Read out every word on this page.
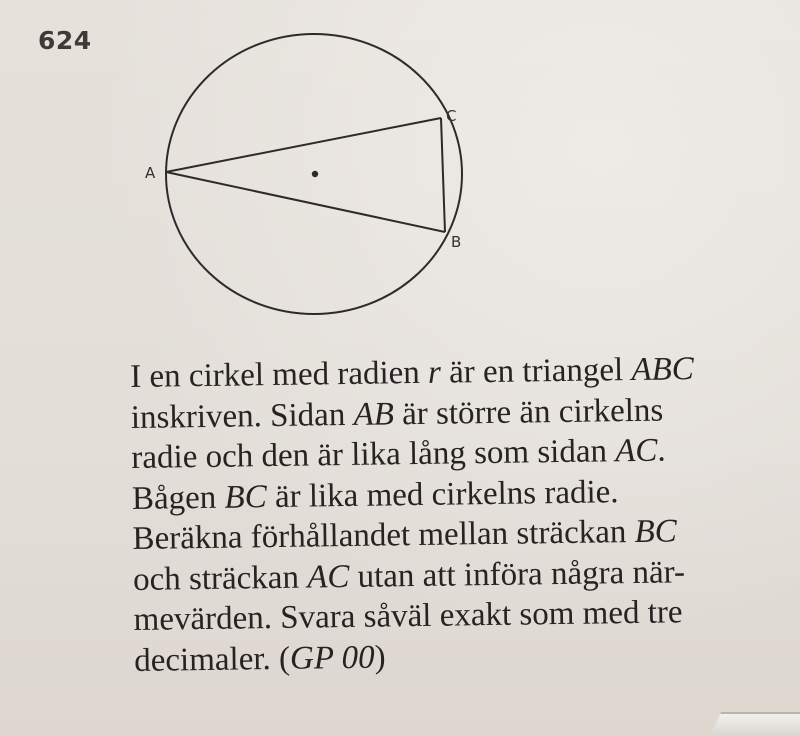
624
A
C
B
I en cirkel med radien r är en triangel ABC
inskriven. Sidan AB är större än cirkelns
radie och den är lika lång som sidan AC.
Bågen BC är lika med cirkelns radie.
Beräkna förhållandet mellan sträckan BC
och sträckan AC utan att införa några när-
mevärden. Svara såväl exakt som med tre
decimaler. (GP 00)
